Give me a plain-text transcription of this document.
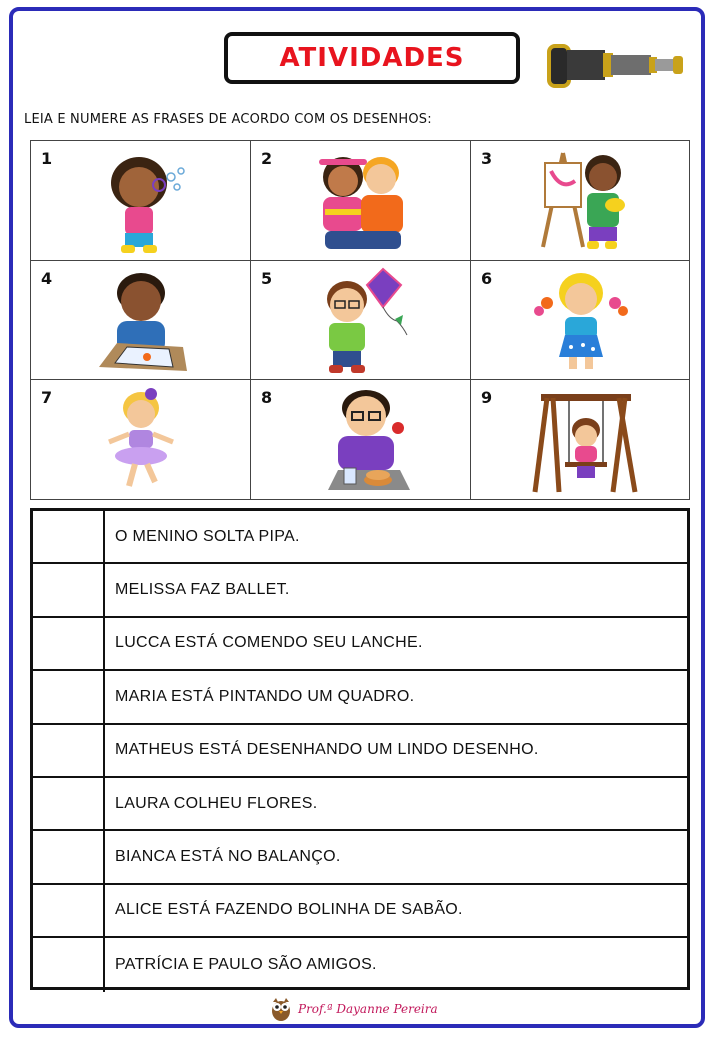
ATIVIDADES
LEIA E NUMERE AS FRASES DE ACORDO COM OS DESENHOS:
1	2	3
4	5	6
7	8	9
O MENINO SOLTA PIPA.
MELISSA FAZ BALLET.
LUCCA ESTÁ COMENDO SEU LANCHE.
MARIA ESTÁ PINTANDO UM QUADRO.
MATHEUS ESTÁ DESENHANDO UM LINDO DESENHO.
LAURA COLHEU FLORES.
BIANCA ESTÁ NO BALANÇO.
ALICE ESTÁ FAZENDO BOLINHA DE SABÃO.
PATRÍCIA E PAULO SÃO AMIGOS.
Prof.ª Dayanne Pereira
